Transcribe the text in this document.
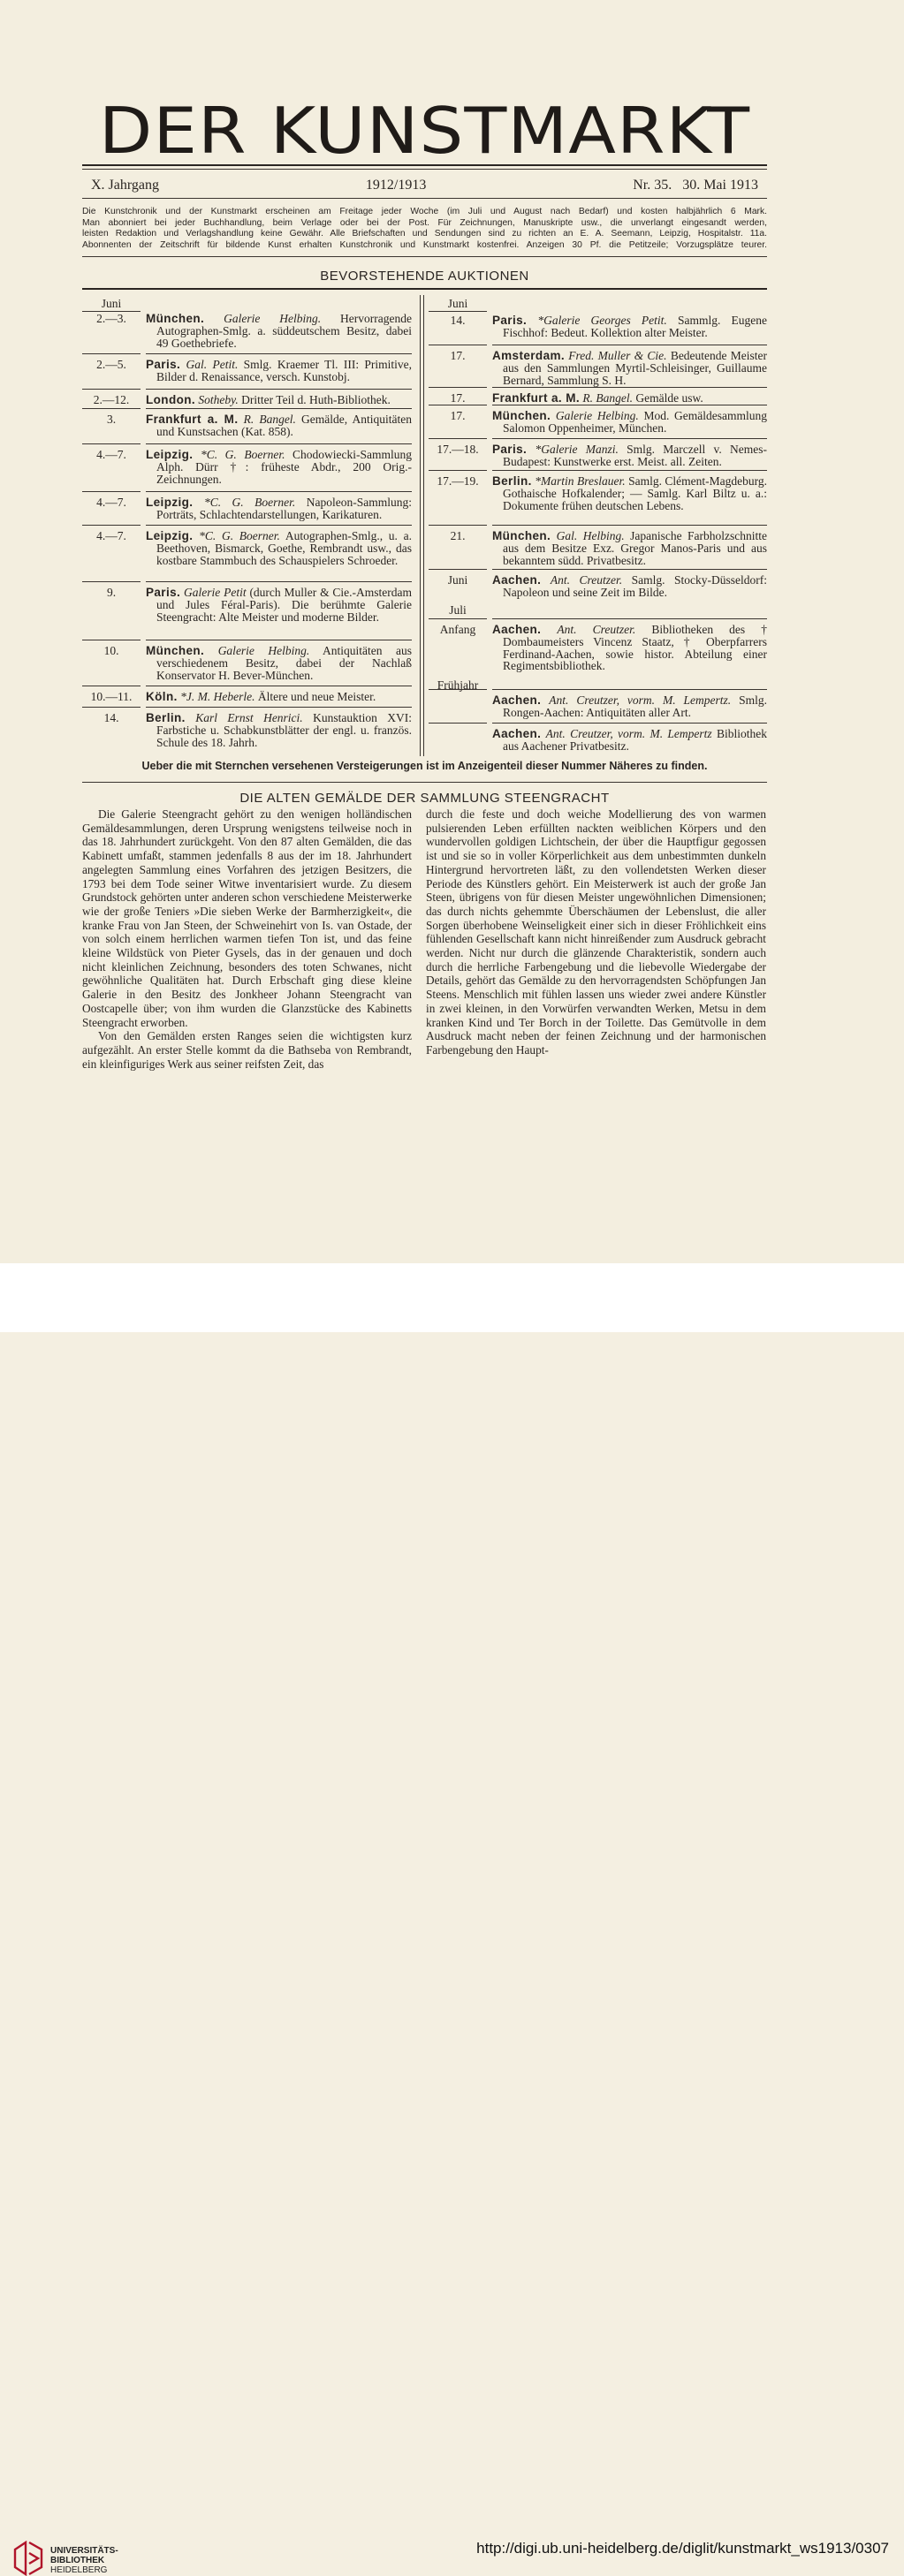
DER KUNSTMARKT
X. Jahrgang	1912/1913	Nr. 35.   30. Mai 1913

Die Kunstchronik und der Kunstmarkt erscheinen am Freitage jeder Woche (im Juli und August nach Bedarf) und kosten halbjährlich 6 Mark.

Man abonniert bei jeder Buchhandlung, beim Verlage oder bei der Post. Für Zeichnungen, Manuskripte usw., die unverlangt eingesandt werden,

leisten Redaktion und Verlagshandlung keine Gewähr. Alle Briefschaften und Sendungen sind zu richten an E. A. Seemann, Leipzig, Hospitalstr. 11a.

Abonnenten der Zeitschrift für bildende Kunst erhalten Kunstchronik und Kunstmarkt kostenfrei. Anzeigen 30 Pf. die Petitzeile; Vorzugsplätze teurer.

BEVORSTEHENDE AUKTIONEN
Juni
2.—3.	München. Galerie Helbing. Hervorragende Autographen-Smlg. a. süddeutschem Besitz, dabei 49 Goethebriefe.
2.—5.	Paris. Gal. Petit. Smlg. Kraemer Tl. III: Primitive, Bilder d. Renaissance, versch. Kunstobj.
2.—12.	London. Sotheby. Dritter Teil d. Huth-Bibliothek.
3.	Frankfurt a. M. R. Bangel. Gemälde, Antiquitäten und Kunstsachen (Kat. 858).
4.—7.	Leipzig. *C. G. Boerner. Chodowiecki-Sammlung Alph. Dürr †: früheste Abdr., 200 Orig.-Zeichnungen.
4.—7.	Leipzig. *C. G. Boerner. Napoleon-Sammlung: Porträts, Schlachtendarstellungen, Karikaturen.
4.—7.	Leipzig. *C. G. Boerner. Autographen-Smlg., u. a. Beethoven, Bismarck, Goethe, Rembrandt usw., das kostbare Stammbuch des Schauspielers Schroeder.
9.	Paris. Galerie Petit (durch Muller & Cie.-Amsterdam und Jules Féral-Paris). Die berühmte Galerie Steengracht: Alte Meister und moderne Bilder.
10.	München. Galerie Helbing. Antiquitäten aus verschiedenem Besitz, dabei der Nachlaß Konservator H. Bever-München.
10.—11.	Köln. *J. M. Heberle. Ältere und neue Meister.
14.	Berlin. Karl Ernst Henrici. Kunstauktion XVI: Farbstiche u. Schabkunstblätter der engl. u. französ. Schule des 18. Jahrh.
Juni
14.	Paris. *Galerie Georges Petit. Sammlg. Eugene Fischhof: Bedeut. Kollektion alter Meister.
17.	Amsterdam. Fred. Muller & Cie. Bedeutende Meister aus den Sammlungen Myrtil-Schleisinger, Guillaume Bernard, Sammlung S. H.
17.	Frankfurt a. M. R. Bangel. Gemälde usw.
17.	München. Galerie Helbing. Mod. Gemäldesammlung Salomon Oppenheimer, München.
17.—18.	Paris. *Galerie Manzi. Smlg. Marczell v. Nemes-Budapest: Kunstwerke erst. Meist. all. Zeiten.
17.—19.	Berlin. *Martin Breslauer. Samlg. Clément-Magdeburg. Gothaische Hofkalender; — Samlg. Karl Biltz u. a.: Dokumente frühen deutschen Lebens.
21.	München. Gal. Helbing. Japanische Farbholzschnitte aus dem Besitze Exz. Gregor Manos-Paris und aus bekanntem südd. Privatbesitz.
Juni	Aachen. Ant. Creutzer. Samlg. Stocky-Düsseldorf: Napoleon und seine Zeit im Bilde.
Juli
Anfang	Aachen. Ant. Creutzer. Bibliotheken des † Dombaumeisters Vincenz Staatz, † Oberpfarrers Ferdinand-Aachen, sowie histor. Abteilung einer Regimentsbibliothek.
Frühjahr
Aachen. Ant. Creutzer, vorm. M. Lempertz. Smlg. Rongen-Aachen: Antiquitäten aller Art.
Aachen. Ant. Creutzer, vorm. M. Lempertz Bibliothek aus Aachener Privatbesitz.
Ueber die mit Sternchen versehenen Versteigerungen ist im Anzeigenteil dieser Nummer Näheres zu finden.
DIE ALTEN GEMÄLDE DER SAMMLUNG STEENGRACHT

Die Galerie Steengracht gehört zu den wenigen holländischen Gemäldesammlungen, deren Ursprung wenigstens teilweise noch in das 18. Jahrhundert zurückgeht. Von den 87 alten Gemälden, die das Kabinett umfaßt, stammen jedenfalls 8 aus der im 18. Jahrhundert angelegten Sammlung eines Vorfahren des jetzigen Besitzers, die 1793 bei dem Tode seiner Witwe inventarisiert wurde. Zu diesem Grundstock gehörten unter anderen schon verschiedene Meisterwerke wie der große Teniers »Die sieben Werke der Barmherzigkeit«, die kranke Frau von Jan Steen, der Schweinehirt von Is. van Ostade, der von solch einem herrlichen warmen tiefen Ton ist, und das feine kleine Wildstück von Pieter Gysels, das in der genauen und doch nicht kleinlichen Zeichnung, besonders des toten Schwanes, nicht gewöhnliche Qualitäten hat. Durch Erbschaft ging diese kleine Galerie in den Besitz des Jonkheer Johann Steengracht van Oostcapelle über; von ihm wurden die Glanzstücke des Kabinetts Steengracht erworben.

Von den Gemälden ersten Ranges seien die wichtigsten kurz aufgezählt. An erster Stelle kommt da die Bathseba von Rembrandt, ein kleinfiguriges Werk aus seiner reifsten Zeit, das

durch die feste und doch weiche Modellierung des von warmen pulsierenden Leben erfüllten nackten weiblichen Körpers und den wundervollen goldigen Lichtschein, der über die Hauptfigur gegossen ist und sie so in voller Körperlichkeit aus dem unbestimmten dunkeln Hintergrund hervortreten läßt, zu den vollendetsten Werken dieser Periode des Künstlers gehört. Ein Meisterwerk ist auch der große Jan Steen, übrigens von für diesen Meister ungewöhnlichen Dimensionen; das durch nichts gehemmte Überschäumen der Lebenslust, die aller Sorgen überhobene Weinseligkeit einer sich in dieser Fröhlichkeit eins fühlenden Gesellschaft kann nicht hinreißender zum Ausdruck gebracht werden. Nicht nur durch die glänzende Charakteristik, sondern auch durch die herrliche Farbengebung und die liebevolle Wiedergabe der Details, gehört das Gemälde zu den hervorragendsten Schöpfungen Jan Steens. Menschlich mit fühlen lassen uns wieder zwei andere Künstler in zwei kleinen, in den Vorwürfen verwandten Werken, Metsu in dem kranken Kind und Ter Borch in der Toilette. Das Gemütvolle in dem Ausdruck macht neben der feinen Zeichnung und der harmonischen Farbengebung den Haupt-

UNIVERSITÄTS-
BIBLIOTHEK
HEIDELBERG
http://digi.ub.uni-heidelberg.de/diglit/kunstmarkt_ws1913/0307
